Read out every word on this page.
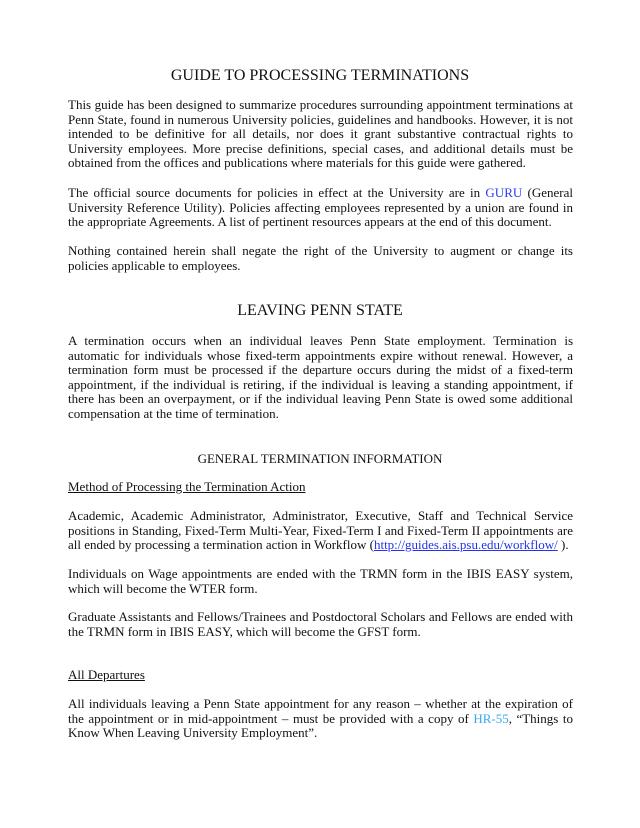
GUIDE TO PROCESSING TERMINATIONS

This guide has been designed to summarize procedures surrounding appointment terminations at Penn State, found in numerous University policies, guidelines and handbooks. However, it is not intended to be definitive for all details, nor does it grant substantive contractual rights to University employees. More precise definitions, special cases, and additional details must be obtained from the offices and publications where materials for this guide were gathered.

The official source documents for policies in effect at the University are in GURU (General University Reference Utility). Policies affecting employees represented by a union are found in the appropriate Agreements. A list of pertinent resources appears at the end of this document.

Nothing contained herein shall negate the right of the University to augment or change its policies applicable to employees.

LEAVING PENN STATE

A termination occurs when an individual leaves Penn State employment. Termination is automatic for individuals whose fixed-term appointments expire without renewal. However, a termination form must be processed if the departure occurs during the midst of a fixed-term appointment, if the individual is retiring, if the individual is leaving a standing appointment, if there has been an overpayment, or if the individual leaving Penn State is owed some additional compensation at the time of termination.

GENERAL TERMINATION INFORMATION

Method of Processing the Termination Action

Academic, Academic Administrator, Administrator, Executive, Staff and Technical Service positions in Standing, Fixed-Term Multi-Year, Fixed-Term I and Fixed-Term II appointments are all ended by processing a termination action in Workflow (http://guides.ais.psu.edu/workflow/ ).

Individuals on Wage appointments are ended with the TRMN form in the IBIS EASY system, which will become the WTER form.

Graduate Assistants and Fellows/Trainees and Postdoctoral Scholars and Fellows are ended with the TRMN form in IBIS EASY, which will become the GFST form.

All Departures

All individuals leaving a Penn State appointment for any reason – whether at the expiration of the appointment or in mid-appointment – must be provided with a copy of HR-55, “Things to Know When Leaving University Employment”.
